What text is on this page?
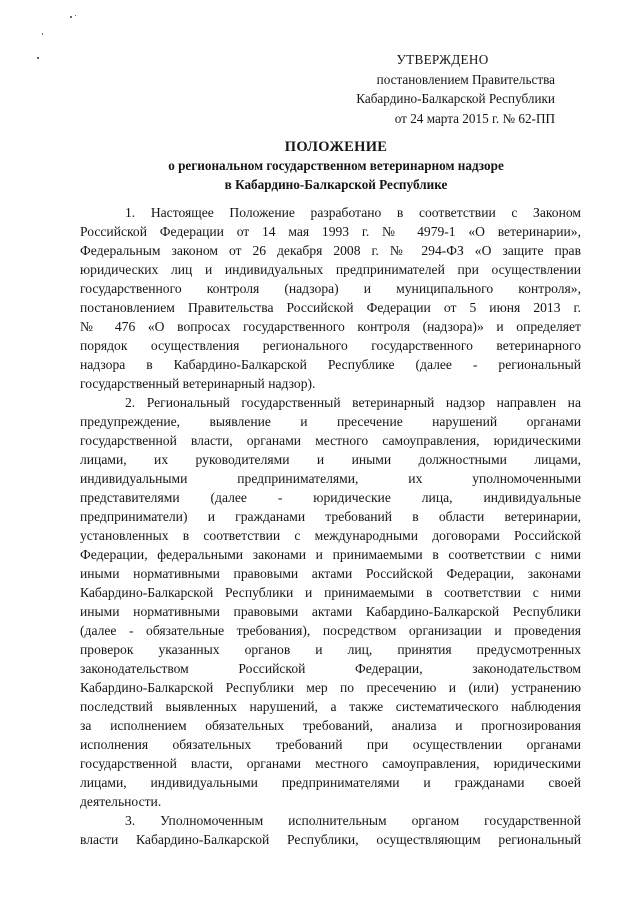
УТВЕРЖДЕНО
постановлением Правительства
Кабардино-Балкарской Республики
от 24 марта 2015 г. № 62-ПП
ПОЛОЖЕНИЕ
о региональном государственном ветеринарном надзоре
в Кабардино-Балкарской Республике
1. Настоящее Положение разработано в соответствии с Законом
Российской Федерации от 14 мая 1993 г. № 4979-1 «О ветеринарии»,
Федеральным законом от 26 декабря 2008 г. № 294-ФЗ «О защите прав
юридических лиц и индивидуальных предпринимателей при осуществлении
государственного контроля (надзора) и муниципального контроля»,
постановлением Правительства Российской Федерации от 5 июня 2013 г.
№ 476 «О вопросах государственного контроля (надзора)» и определяет
порядок осуществления регионального государственного ветеринарного
надзора в Кабардино-Балкарской Республике (далее - региональный
государственный ветеринарный надзор).
2. Региональный государственный ветеринарный надзор направлен на
предупреждение, выявление и пресечение нарушений органами
государственной власти, органами местного самоуправления, юридическими
лицами, их руководителями и иными должностными лицами,
индивидуальными предпринимателями, их уполномоченными
представителями (далее - юридические лица, индивидуальные
предприниматели) и гражданами требований в области ветеринарии,
установленных в соответствии с международными договорами Российской
Федерации, федеральными законами и принимаемыми в соответствии с ними
иными нормативными правовыми актами Российской Федерации, законами
Кабардино-Балкарской Республики и принимаемыми в соответствии с ними
иными нормативными правовыми актами Кабардино-Балкарской Республики
(далее - обязательные требования), посредством организации и проведения
проверок указанных органов и лиц, принятия предусмотренных
законодательством Российской Федерации, законодательством
Кабардино-Балкарской Республики мер по пресечению и (или) устранению
последствий выявленных нарушений, а также систематического наблюдения
за исполнением обязательных требований, анализа и прогнозирования
исполнения обязательных требований при осуществлении органами
государственной власти, органами местного самоуправления, юридическими
лицами, индивидуальными предпринимателями и гражданами своей
деятельности.
3. Уполномоченным исполнительным органом государственной
власти Кабардино-Балкарской Республики, осуществляющим региональный
